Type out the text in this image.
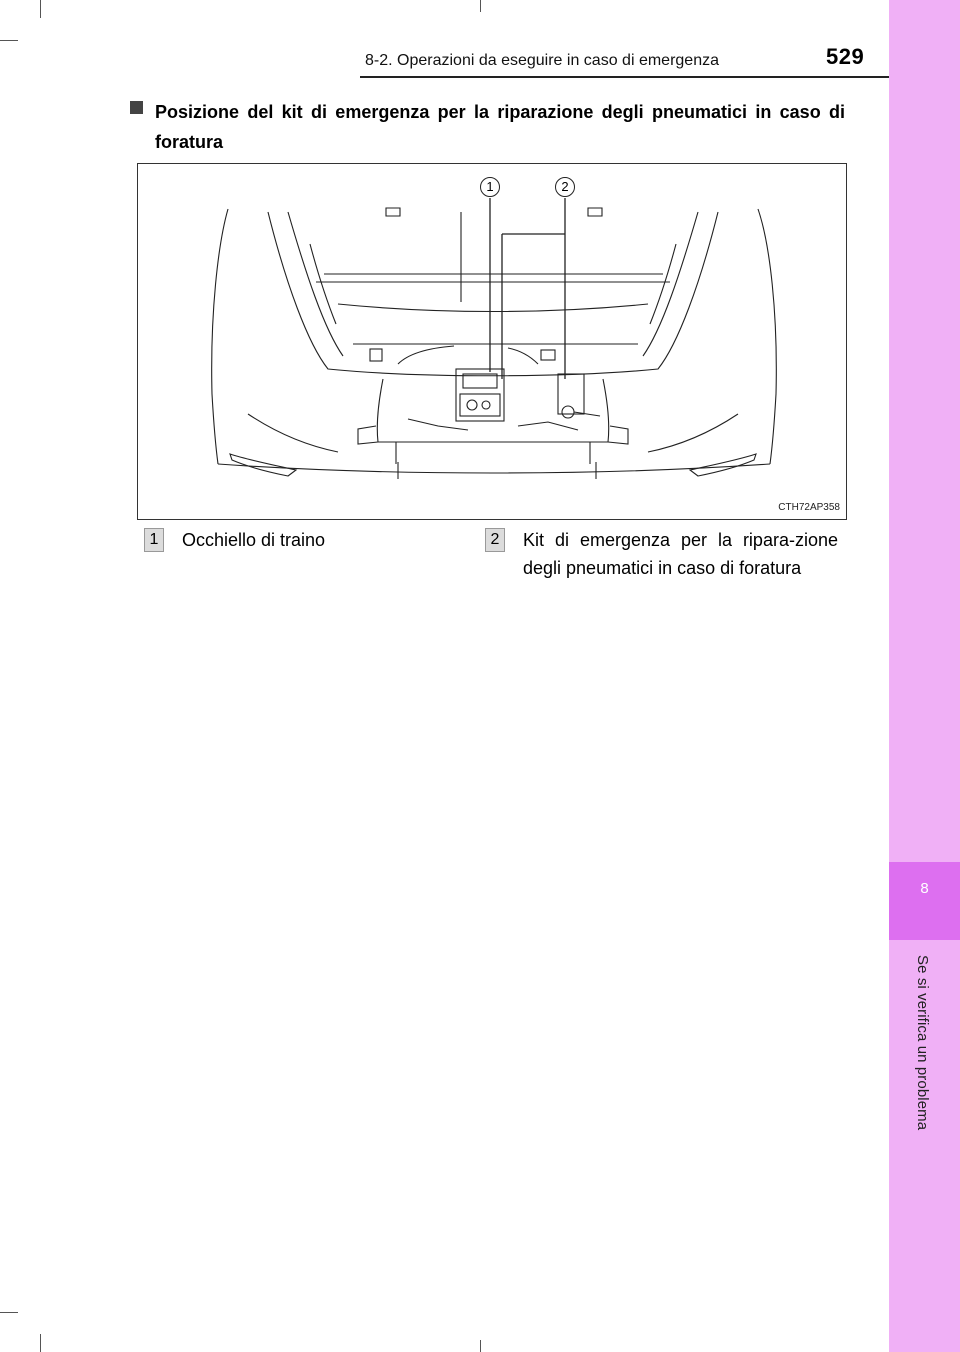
8
Se si verifica un problema
8-2. Operazioni da eseguire in caso di emergenza	529
Posizione del kit di emergenza per la riparazione degli pneumatici in caso di foratura
1	2
CTH72AP358
1	Occhiello di traino	2	Kit di emergenza per la ripara-zione degli pneumatici in caso di foratura
